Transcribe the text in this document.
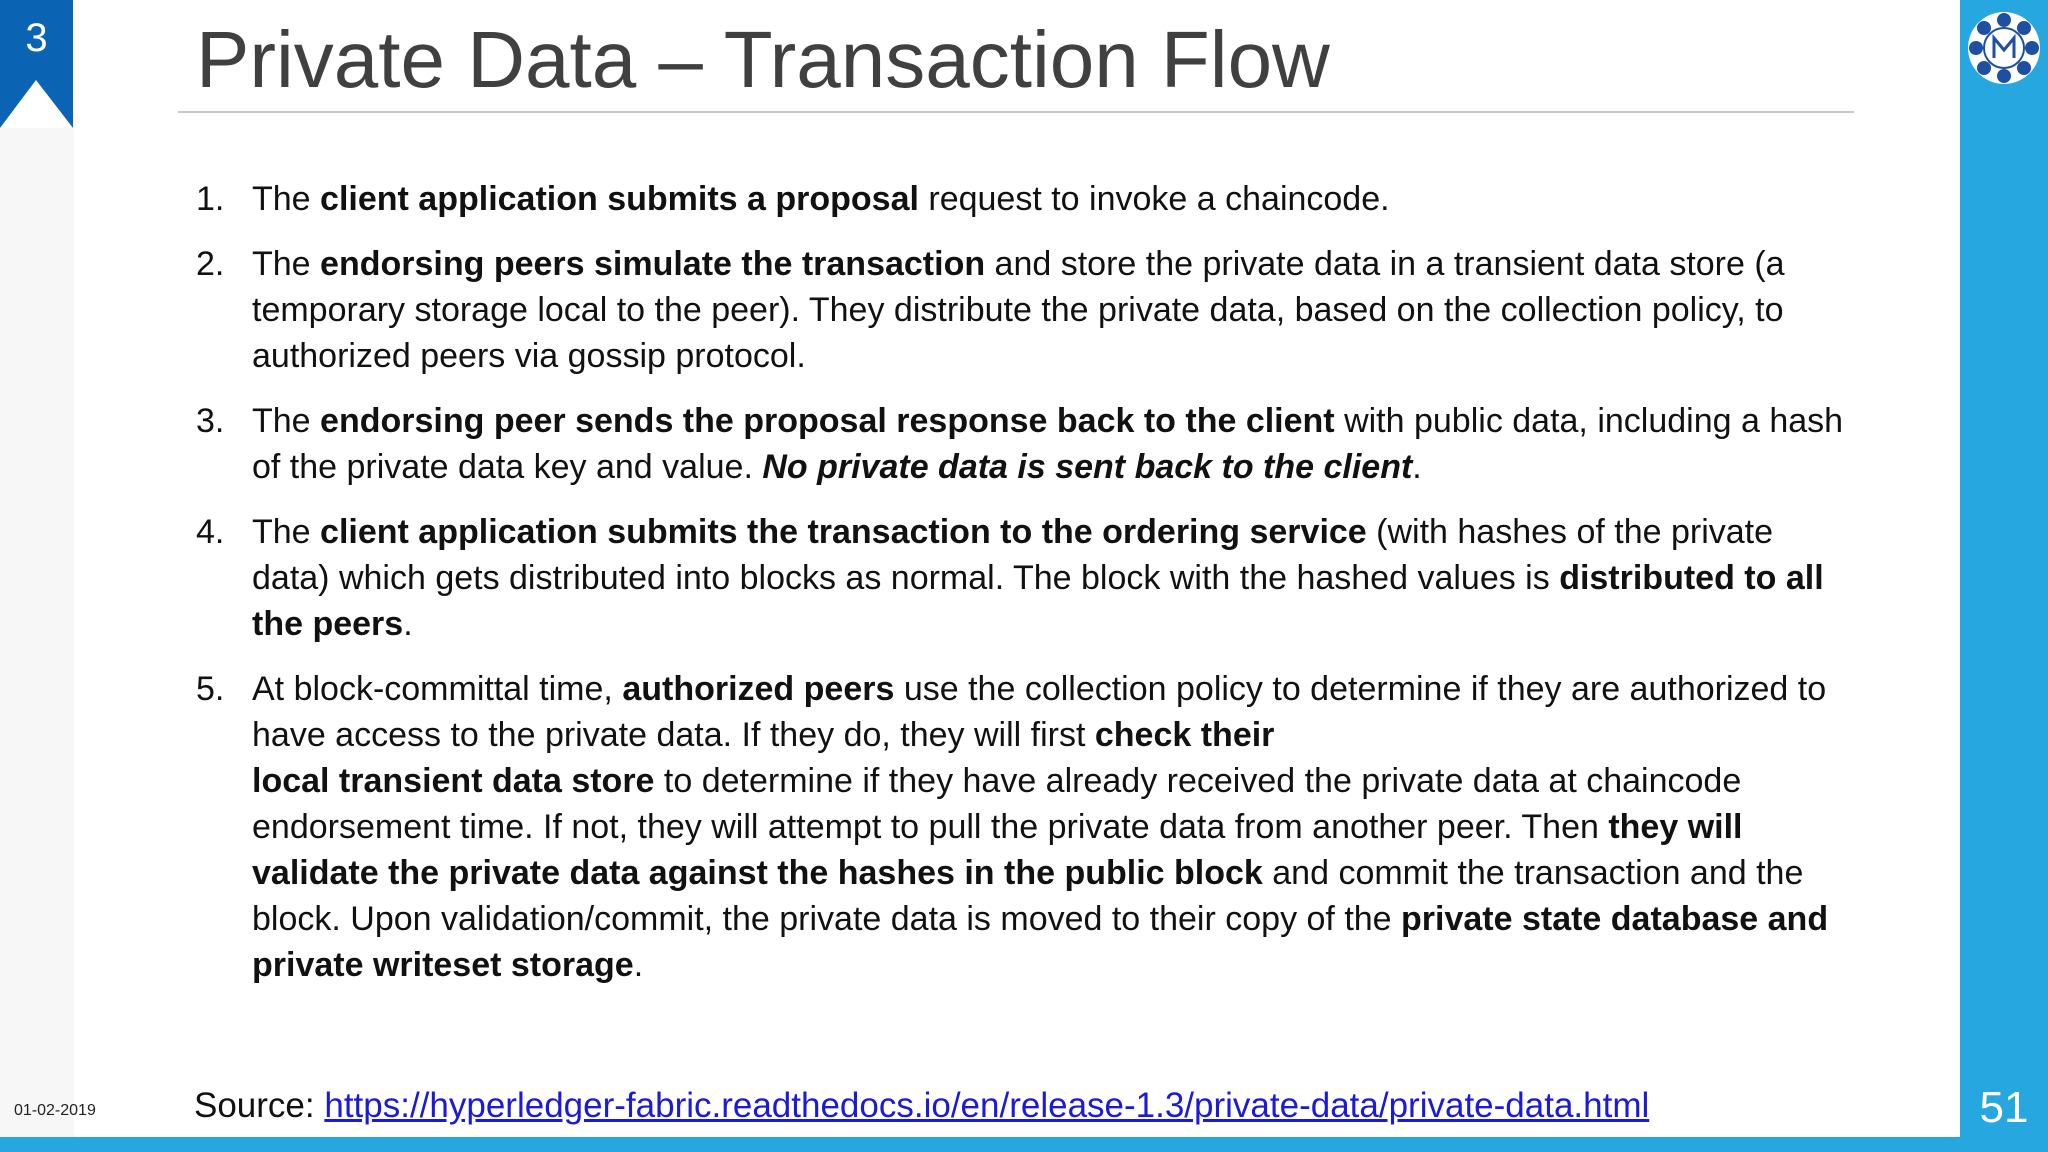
3	Private Data – Transaction Flow
1. The client application submits a proposal request to invoke a chaincode.
2. The endorsing peers simulate the transaction and store the private data in a transient data store (a temporary storage local to the peer). They distribute the private data, based on the collection policy, to authorized peers via gossip protocol.
3. The endorsing peer sends the proposal response back to the client with public data, including a hash of the private data key and value. No private data is sent back to the client.
4. The client application submits the transaction to the ordering service (with hashes of the private data) which gets distributed into blocks as normal. The block with the hashed values is distributed to all the peers.
5. At block-committal time, authorized peers use the collection policy to determine if they are authorized to have access to the private data. If they do, they will first check their
local transient data store to determine if they have already received the private data at chaincode endorsement time. If not, they will attempt to pull the private data from another peer. Then they will validate the private data against the hashes in the public block and commit the transaction and the block. Upon validation/commit, the private data is moved to their copy of the private state database and private writeset storage.
01-02-2019	Source: https://hyperledger-fabric.readthedocs.io/en/release-1.3/private-data/private-data.html	51
